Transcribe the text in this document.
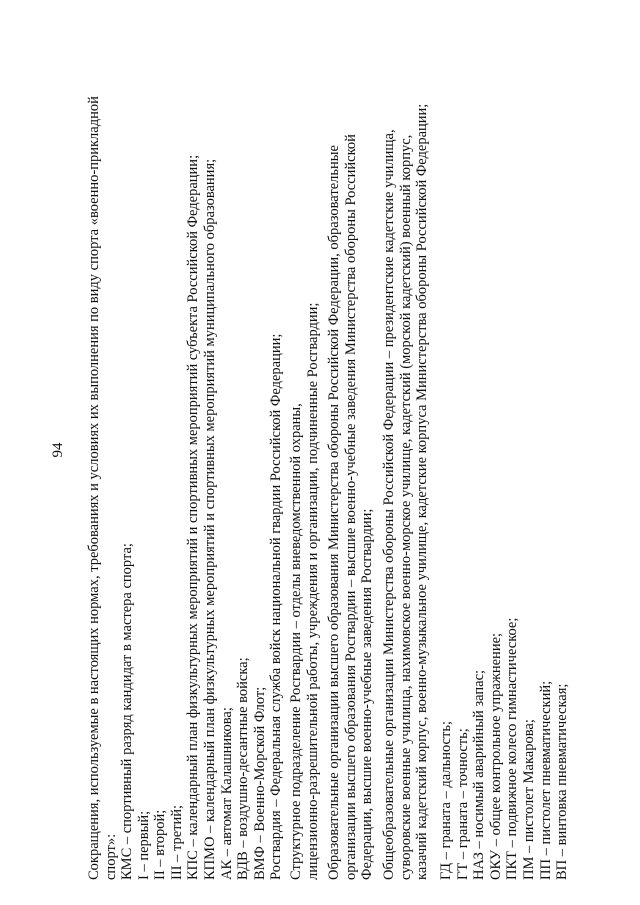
94 Сокращения, используемые в настоящих нормах, требованиях и условиях их выполнения по виду спорта «военно-прикладной спорт»: КМС – спортивный разряд кандидат в мастера спорта; I – первый; II – второй; III – третий; КПС – календарный план физкультурных мероприятий и спортивных мероприятий субъекта Российской Федерации; КПМО – календарный план физкультурных мероприятий и спортивных мероприятий муниципального образования; АК – автомат Калашникова; ВДВ – воздушно-десантные войска; ВМФ – Военно-Морской Флот; Росгвардия – Федеральная служба войск национальной гвардии Российской Федерации; Структурное подразделение Росгвардии – отделы вневедомственной охраны, лицензионно-разрешительной работы, учреждения и организации, подчиненные Росгвардии; Образовательные организации высшего образования Министерства обороны Российской Федерации, образовательные организации высшего образования Росгвардии – высшие военно-учебные заведения Министерства обороны Российской Федерации, высшие военно-учебные заведения Росгвардии; Общеобразовательные организации Министерства обороны Российской Федерации – президентские кадетские училища, суворовские военные училища, нахимовское военно-морское училище, кадетский (морской кадетский) военный корпус, казачий кадетский корпус, военно-музыкальное училище, кадетские корпуса Министерства обороны Российской Федерации; ГД – граната – дальность; ГТ – граната – точность; НАЗ – носимый аварийный запас; ОКУ – общее контрольное упражнение; ПКТ – подвижное колесо гимнастическое; ПМ – пистолет Макарова; ПП – пистолет пневматический; ВП – винтовка пневматическая;
